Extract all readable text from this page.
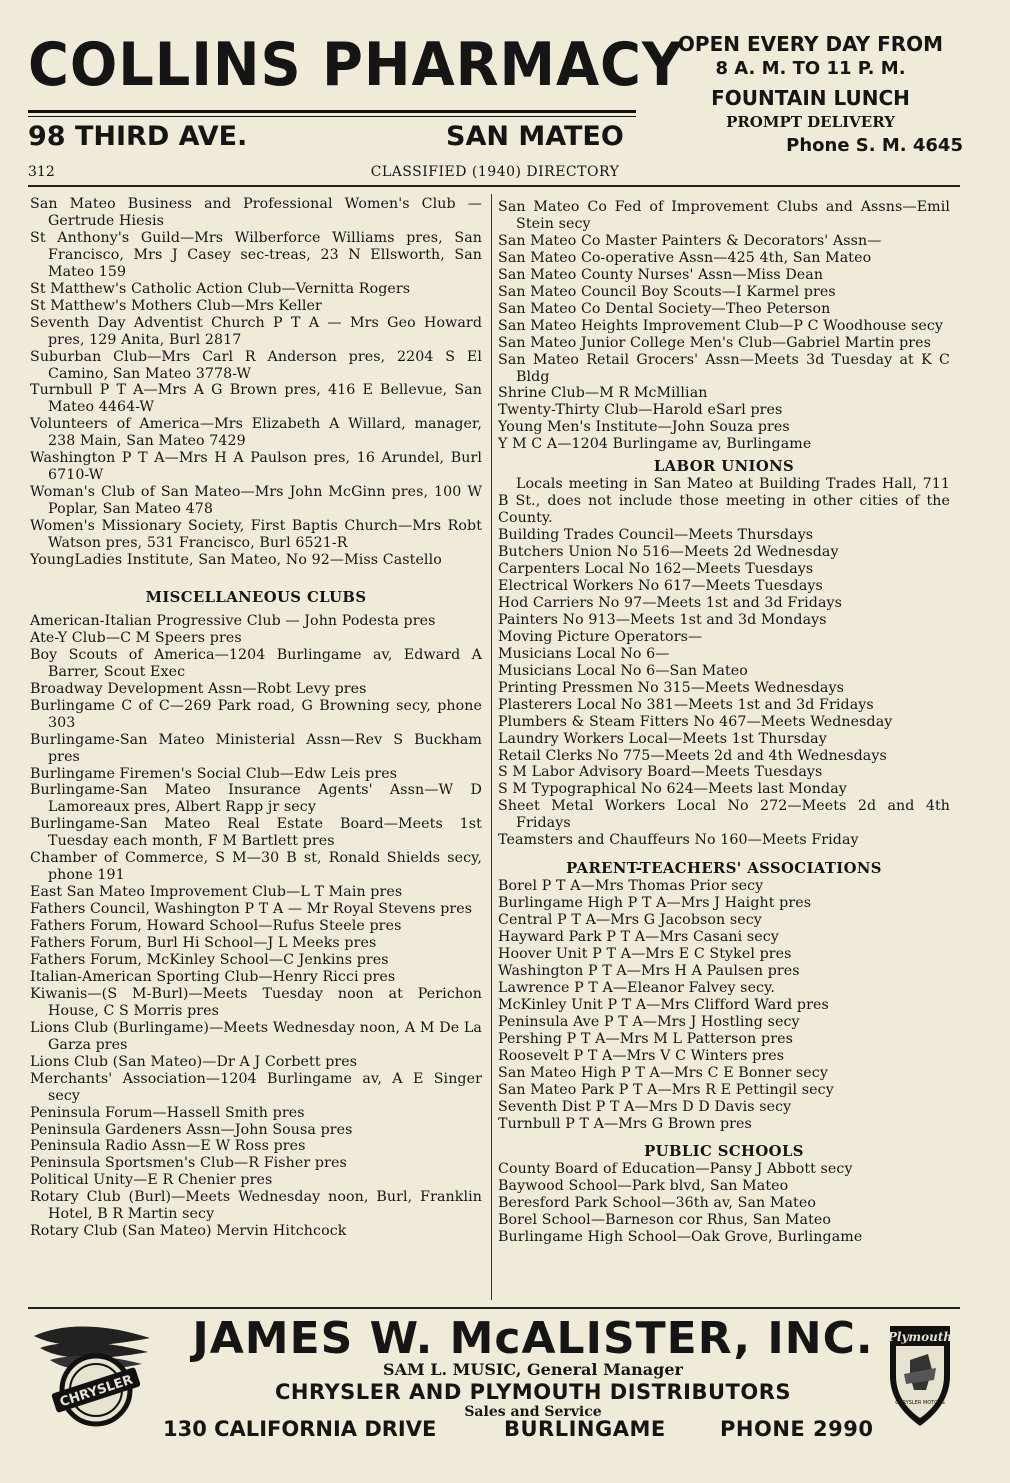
COLLINS PHARMACY
98 THIRD AVE.	SAN MATEO
OPEN EVERY DAY FROM
8 A. M. TO 11 P. M.
FOUNTAIN LUNCH
PROMPT DELIVERY
Phone S. M. 4645
312	CLASSIFIED (1940) DIRECTORY
San Mateo Business and Professional Women's Club —Gertrude Hiesis
St Anthony's Guild—Mrs Wilberforce Williams pres, San Francisco, Mrs J Casey sec-treas, 23 N Ellsworth, San Mateo 159
St Matthew's Catholic Action Club—Vernitta Rogers
St Matthew's Mothers Club—Mrs Keller
Seventh Day Adventist Church P T A — Mrs Geo Howard pres, 129 Anita, Burl 2817
Suburban Club—Mrs Carl R Anderson pres, 2204 S El Camino, San Mateo 3778-W
Turnbull P T A—Mrs A G Brown pres, 416 E Bellevue, San Mateo 4464-W
Volunteers of America—Mrs Elizabeth A Willard, manager, 238 Main, San Mateo 7429
Washington P T A—Mrs H A Paulson pres, 16 Arundel, Burl 6710-W
Woman's Club of San Mateo—Mrs John McGinn pres, 100 W Poplar, San Mateo 478
Women's Missionary Society, First Baptis Church—Mrs Robt Watson pres, 531 Francisco, Burl 6521-R
YoungLadies Institute, San Mateo, No 92—Miss Castello
MISCELLANEOUS CLUBS
American-Italian Progressive Club — John Podesta pres
Ate-Y Club—C M Speers pres
Boy Scouts of America—1204 Burlingame av, Edward A Barrer, Scout Exec
Broadway Development Assn—Robt Levy pres
Burlingame C of C—269 Park road, G Browning secy, phone 303
Burlingame-San Mateo Ministerial Assn—Rev S Buckham pres
Burlingame Firemen's Social Club—Edw Leis pres
Burlingame-San Mateo Insurance Agents' Assn—W D Lamoreaux pres, Albert Rapp jr secy
Burlingame-San Mateo Real Estate Board—Meets 1st Tuesday each month, F M Bartlett pres
Chamber of Commerce, S M—30 B st, Ronald Shields secy, phone 191
East San Mateo Improvement Club—L T Main pres
Fathers Council, Washington P T A — Mr Royal Stevens pres
Fathers Forum, Howard School—Rufus Steele pres
Fathers Forum, Burl Hi School—J L Meeks pres
Fathers Forum, McKinley School—C Jenkins pres
Italian-American Sporting Club—Henry Ricci pres
Kiwanis—(S M-Burl)—Meets Tuesday noon at Perichon House, C S Morris pres
Lions Club (Burlingame)—Meets Wednesday noon, A M De La Garza pres
Lions Club (San Mateo)—Dr A J Corbett pres
Merchants' Association—1204 Burlingame av, A E Singer secy
Peninsula Forum—Hassell Smith pres
Peninsula Gardeners Assn—John Sousa pres
Peninsula Radio Assn—E W Ross pres
Peninsula Sportsmen's Club—R Fisher pres
Political Unity—E R Chenier pres
Rotary Club (Burl)—Meets Wednesday noon, Burl, Franklin Hotel, B R Martin secy
Rotary Club (San Mateo) Mervin Hitchcock
San Mateo Co Fed of Improvement Clubs and Assns—Emil Stein secy
San Mateo Co Master Painters & Decorators' Assn—
San Mateo Co-operative Assn—425 4th, San Mateo
San Mateo County Nurses' Assn—Miss Dean
San Mateo Council Boy Scouts—I Karmel pres
San Mateo Co Dental Society—Theo Peterson
San Mateo Heights Improvement Club—P C Woodhouse secy
San Mateo Junior College Men's Club—Gabriel Martin pres
San Mateo Retail Grocers' Assn—Meets 3d Tuesday at K C Bldg
Shrine Club—M R McMillian
Twenty-Thirty Club—Harold eSarl pres
Young Men's Institute—John Souza pres
Y M C A—1204 Burlingame av, Burlingame
LABOR UNIONS
Locals meeting in San Mateo at Building Trades Hall, 711 B St., does not include those meeting in other cities of the County.
Building Trades Council—Meets Thursdays
Butchers Union No 516—Meets 2d Wednesday
Carpenters Local No 162—Meets Tuesdays
Electrical Workers No 617—Meets Tuesdays
Hod Carriers No 97—Meets 1st and 3d Fridays
Painters No 913—Meets 1st and 3d Mondays
Moving Picture Operators—
Musicians Local No 6—
Musicians Local No 6—San Mateo
Printing Pressmen No 315—Meets Wednesdays
Plasterers Local No 381—Meets 1st and 3d Fridays
Plumbers & Steam Fitters No 467—Meets Wednesday
Laundry Workers Local—Meets 1st Thursday
Retail Clerks No 775—Meets 2d and 4th Wednesdays
S M Labor Advisory Board—Meets Tuesdays
S M Typographical No 624—Meets last Monday
Sheet Metal Workers Local No 272—Meets 2d and 4th Fridays
Teamsters and Chauffeurs No 160—Meets Friday
PARENT-TEACHERS' ASSOCIATIONS
Borel P T A—Mrs Thomas Prior secy
Burlingame High P T A—Mrs J Haight pres
Central P T A—Mrs G Jacobson secy
Hayward Park P T A—Mrs Casani secy
Hoover Unit P T A—Mrs E C Stykel pres
Washington P T A—Mrs H A Paulsen pres
Lawrence P T A—Eleanor Falvey secy.
McKinley Unit P T A—Mrs Clifford Ward pres
Peninsula Ave P T A—Mrs J Hostling secy
Pershing P T A—Mrs M L Patterson pres
Roosevelt P T A—Mrs V C Winters pres
San Mateo High P T A—Mrs C E Bonner secy
San Mateo Park P T A—Mrs R E Pettingil secy
Seventh Dist P T A—Mrs D D Davis secy
Turnbull P T A—Mrs G Brown pres
PUBLIC SCHOOLS
County Board of Education—Pansy J Abbott secy
Baywood School—Park blvd, San Mateo
Beresford Park School—36th av, San Mateo
Borel School—Barneson cor Rhus, San Mateo
Burlingame High School—Oak Grove, Burlingame
CHRYSLER
JAMES W. McALISTER, INC.
SAM L. MUSIC, General Manager
CHRYSLER AND PLYMOUTH DISTRIBUTORS
Sales and Service
130 CALIFORNIA DRIVE	BURLINGAME	PHONE 2990
Plymouth
CHRYSLER MOTORS
